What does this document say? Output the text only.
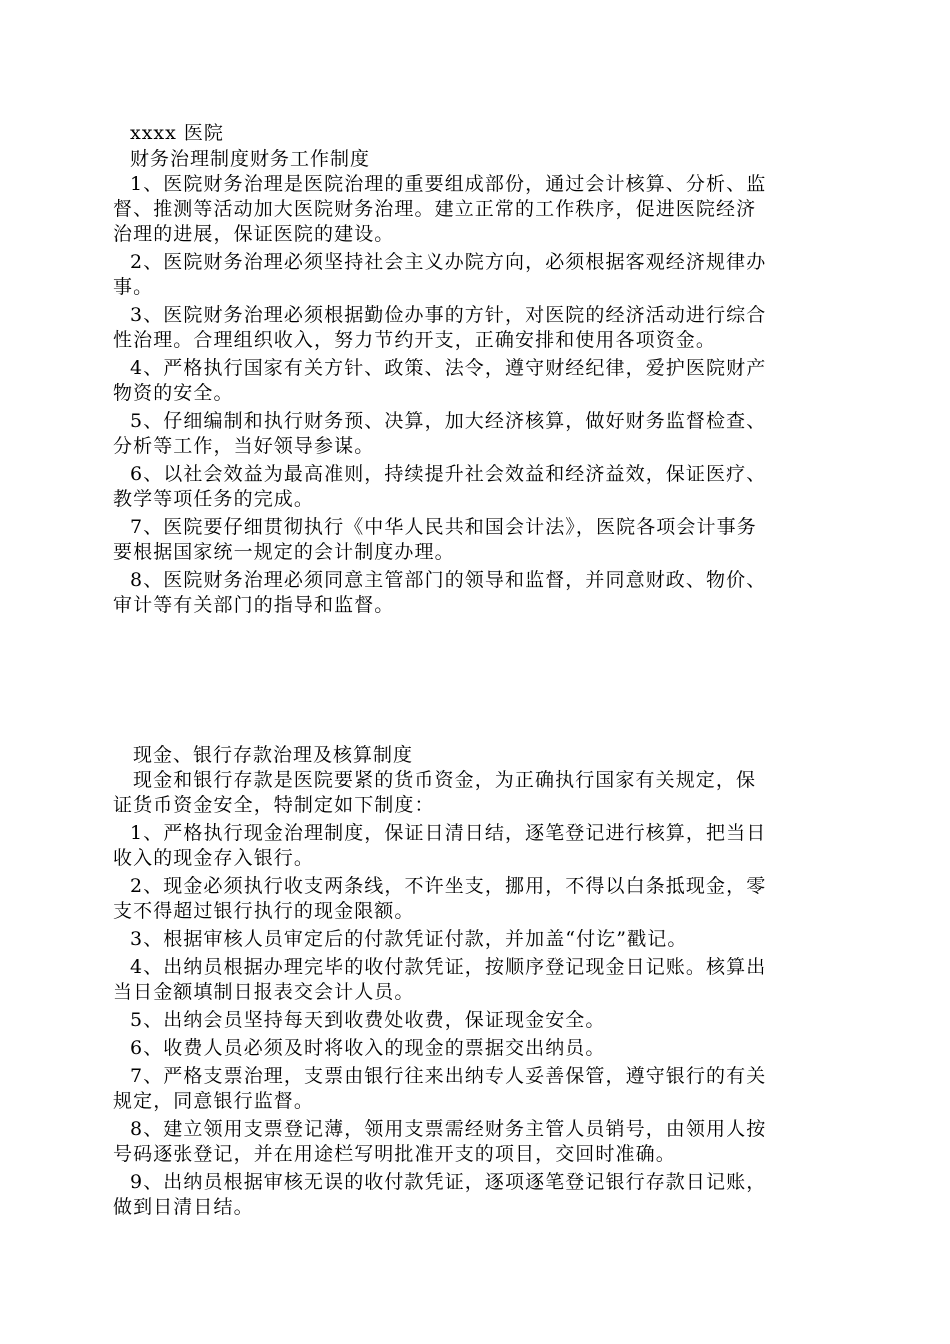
xxxx 医院

财务治理制度财务工作制度

1、医院财务治理是医院治理的重要组成部份，通过会计核算、分析、监

督、推测等活动加大医院财务治理。建立正常的工作秩序，促进医院经济

治理的进展，保证医院的建设。

2、医院财务治理必须坚持社会主义办院方向，必须根据客观经济规律办

事。

3、医院财务治理必须根据勤俭办事的方针，对医院的经济活动进行综合

性治理。合理组织收入，努力节约开支，正确安排和使用各项资金。

4、严格执行国家有关方针、政策、法令，遵守财经纪律，爱护医院财产

物资的安全。

5、仔细编制和执行财务预、决算，加大经济核算，做好财务监督检查、

分析等工作，当好领导参谋。

6、以社会效益为最高准则，持续提升社会效益和经济益效，保证医疗、

教学等项任务的完成。

7、医院要仔细贯彻执行《中华人民共和国会计法》，医院各项会计事务

要根据国家统一规定的会计制度办理。

8、医院财务治理必须同意主管部门的领导和监督，并同意财政、物价、

审计等有关部门的指导和监督。

现金、银行存款治理及核算制度

现金和银行存款是医院要紧的货币资金，为正确执行国家有关规定，保

证货币资金安全，特制定如下制度：

1、严格执行现金治理制度，保证日清日结，逐笔登记进行核算，把当日

收入的现金存入银行。

2、现金必须执行收支两条线，不许坐支，挪用，不得以白条抵现金，零

支不得超过银行执行的现金限额。

3、根据审核人员审定后的付款凭证付款，并加盖“付讫”戳记。

4、出纳员根据办理完毕的收付款凭证，按顺序登记现金日记账。核算出

当日金额填制日报表交会计人员。

5、出纳会员坚持每天到收费处收费，保证现金安全。

6、收费人员必须及时将收入的现金的票据交出纳员。

7、严格支票治理，支票由银行往来出纳专人妥善保管，遵守银行的有关

规定，同意银行监督。

8、建立领用支票登记薄，领用支票需经财务主管人员销号，由领用人按

号码逐张登记，并在用途栏写明批准开支的项目，交回时准确。

9、出纳员根据审核无误的收付款凭证，逐项逐笔登记银行存款日记账，

做到日清日结。
